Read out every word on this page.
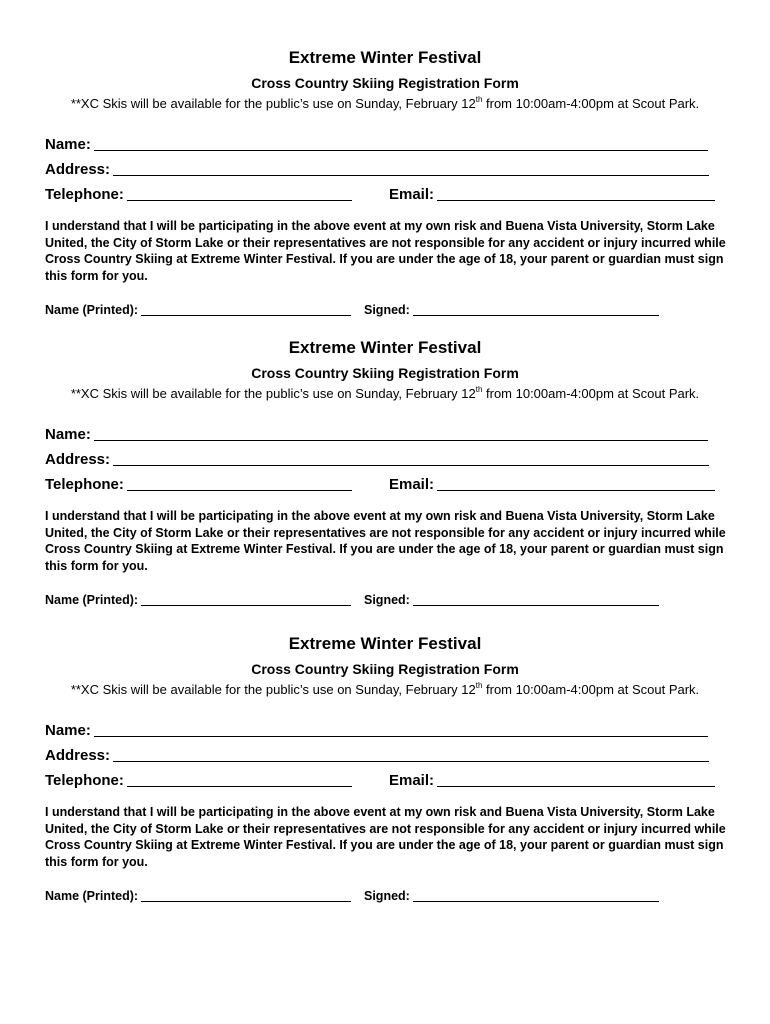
Extreme Winter Festival
Cross Country Skiing Registration Form
**XC Skis will be available for the public’s use on Sunday, February 12th from 10:00am-4:00pm at Scout Park.
Name:
Address:
Telephone:	Email:

I understand that I will be participating in the above event at my own risk and Buena Vista University, Storm Lake United, the City of Storm Lake or their representatives are not responsible for any accident or injury incurred while Cross Country Skiing at Extreme Winter Festival. If you are under the age of 18, your parent or guardian must sign this form for you.

Name (Printed):	Signed:
Extreme Winter Festival
Cross Country Skiing Registration Form
**XC Skis will be available for the public’s use on Sunday, February 12th from 10:00am-4:00pm at Scout Park.
Name:
Address:
Telephone:	Email:

I understand that I will be participating in the above event at my own risk and Buena Vista University, Storm Lake United, the City of Storm Lake or their representatives are not responsible for any accident or injury incurred while Cross Country Skiing at Extreme Winter Festival. If you are under the age of 18, your parent or guardian must sign this form for you.

Name (Printed):	Signed:
Extreme Winter Festival
Cross Country Skiing Registration Form
**XC Skis will be available for the public’s use on Sunday, February 12th from 10:00am-4:00pm at Scout Park.
Name:
Address:
Telephone:	Email:

I understand that I will be participating in the above event at my own risk and Buena Vista University, Storm Lake United, the City of Storm Lake or their representatives are not responsible for any accident or injury incurred while Cross Country Skiing at Extreme Winter Festival. If you are under the age of 18, your parent or guardian must sign this form for you.

Name (Printed):	Signed:
